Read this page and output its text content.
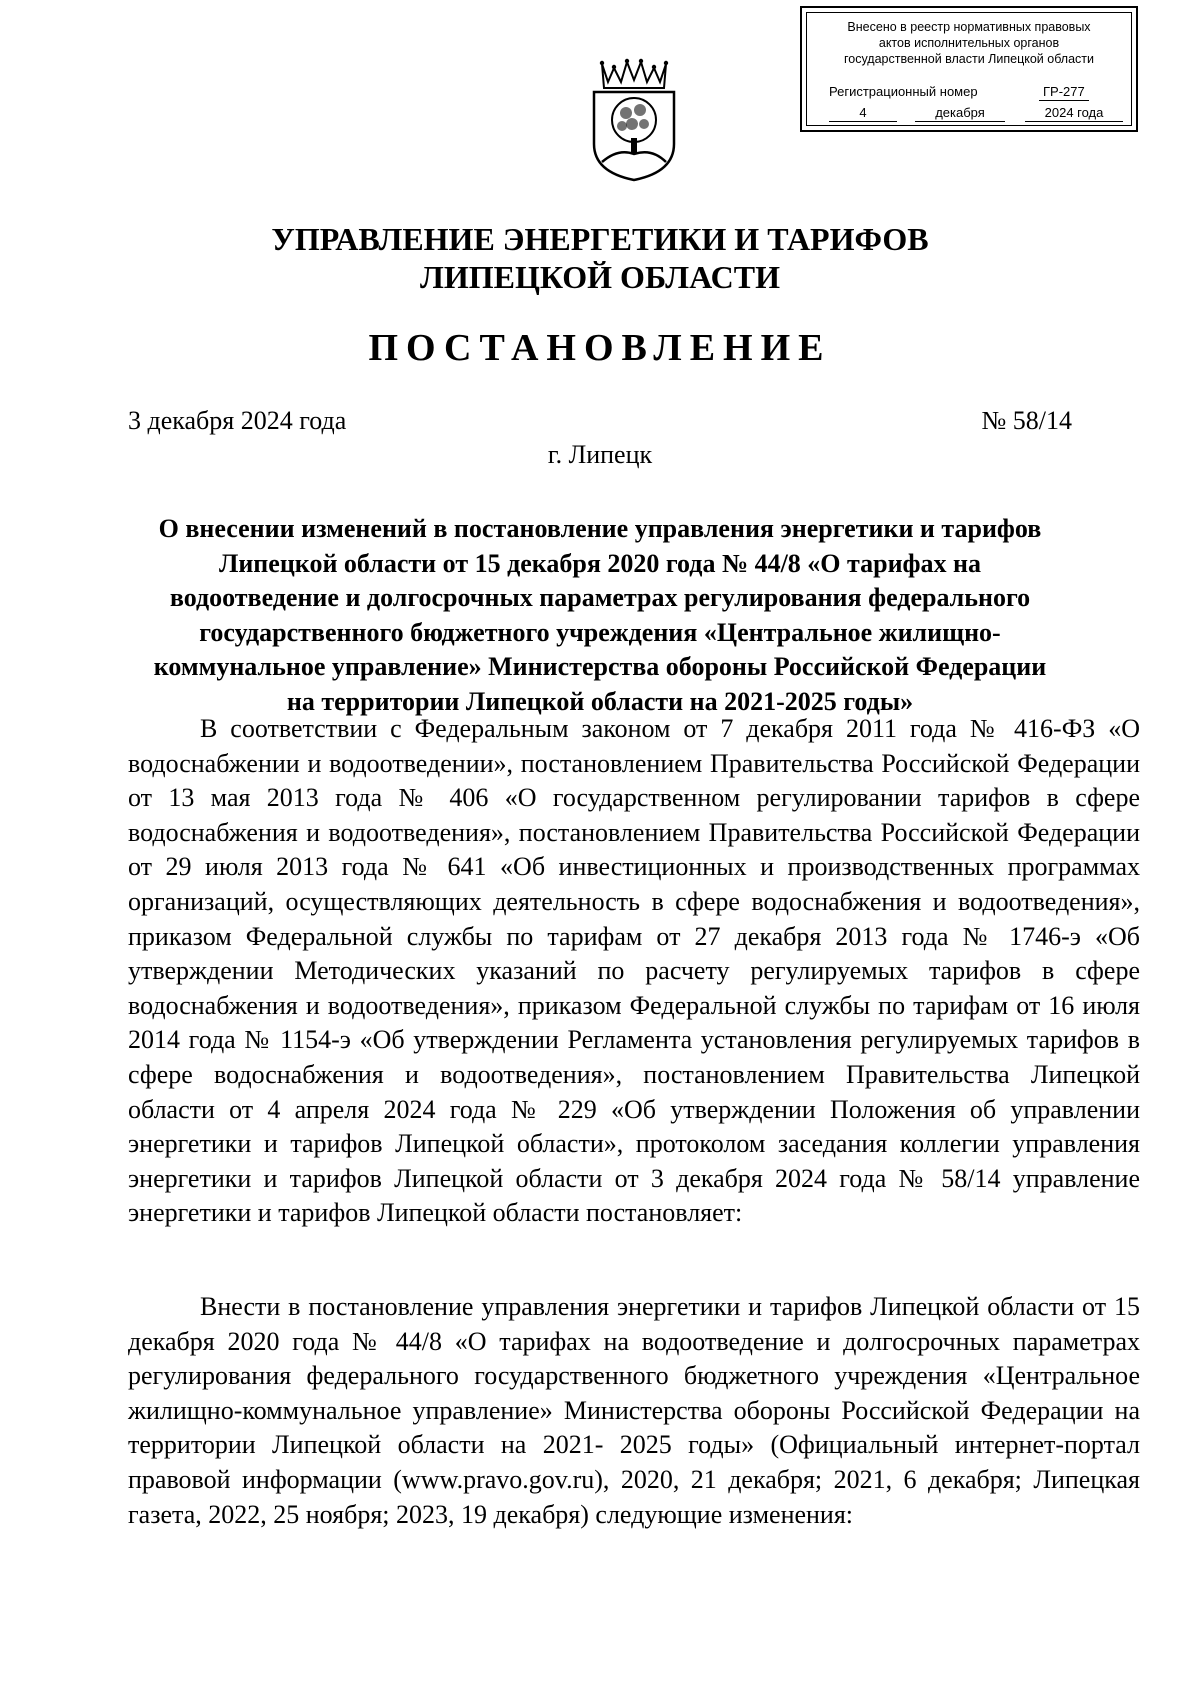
Внесено в реестр нормативных правовых
актов исполнительных органов
государственной власти Липецкой области
Регистрационный номер	ГР-277
4	декабря	2024 года
УПРАВЛЕНИЕ ЭНЕРГЕТИКИ И ТАРИФОВ
ЛИПЕЦКОЙ ОБЛАСТИ
ПОСТАНОВЛЕНИЕ
3 декабря 2024 года	№ 58/14
г. Липецк
О внесении изменений в постановление управления энергетики и тарифов
Липецкой области от 15 декабря 2020 года № 44/8 «О тарифах на
водоотведение и долгосрочных параметрах регулирования федерального
государственного бюджетного учреждения «Центральное жилищно-
коммунальное управление» Министерства обороны Российской Федерации
на территории Липецкой области на 2021-2025 годы»
В соответствии с Федеральным законом от 7 декабря 2011 года № 416-ФЗ «О водоснабжении и водоотведении», постановлением Правительства Российской Федерации от 13 мая 2013 года № 406 «О государственном регулировании тарифов в сфере водоснабжения и водоотведения», постановлением Правительства Российской Федерации от 29 июля 2013 года № 641 «Об инвестиционных и производственных программах организаций, осуществляющих деятельность в сфере водоснабжения и водоотведения», приказом Федеральной службы по тарифам от 27 декабря 2013 года № 1746-э «Об утверждении Методических указаний по расчету регулируемых тарифов в сфере водоснабжения и водоотведения», приказом Федеральной службы по тарифам от 16 июля 2014 года № 1154-э «Об утверждении Регламента установления регулируемых тарифов в сфере водоснабжения и водоотведения», постановлением Правительства Липецкой области от 4 апреля 2024 года № 229 «Об утверждении Положения об управлении энергетики и тарифов Липецкой области», протоколом заседания коллегии управления энергетики и тарифов Липецкой области от 3 декабря 2024 года № 58/14 управление энергетики и тарифов Липецкой области постановляет:
Внести в постановление управления энергетики и тарифов Липецкой области от 15 декабря 2020 года № 44/8 «О тарифах на водоотведение и долгосрочных параметрах регулирования федерального государственного бюджетного учреждения «Центральное жилищно-коммунальное управление» Министерства обороны Российской Федерации на территории Липецкой области на 2021- 2025 годы» (Официальный интернет-портал правовой информации (www.pravo.gov.ru), 2020, 21 декабря; 2021, 6 декабря; Липецкая газета, 2022, 25 ноября; 2023, 19 декабря) следующие изменения:
